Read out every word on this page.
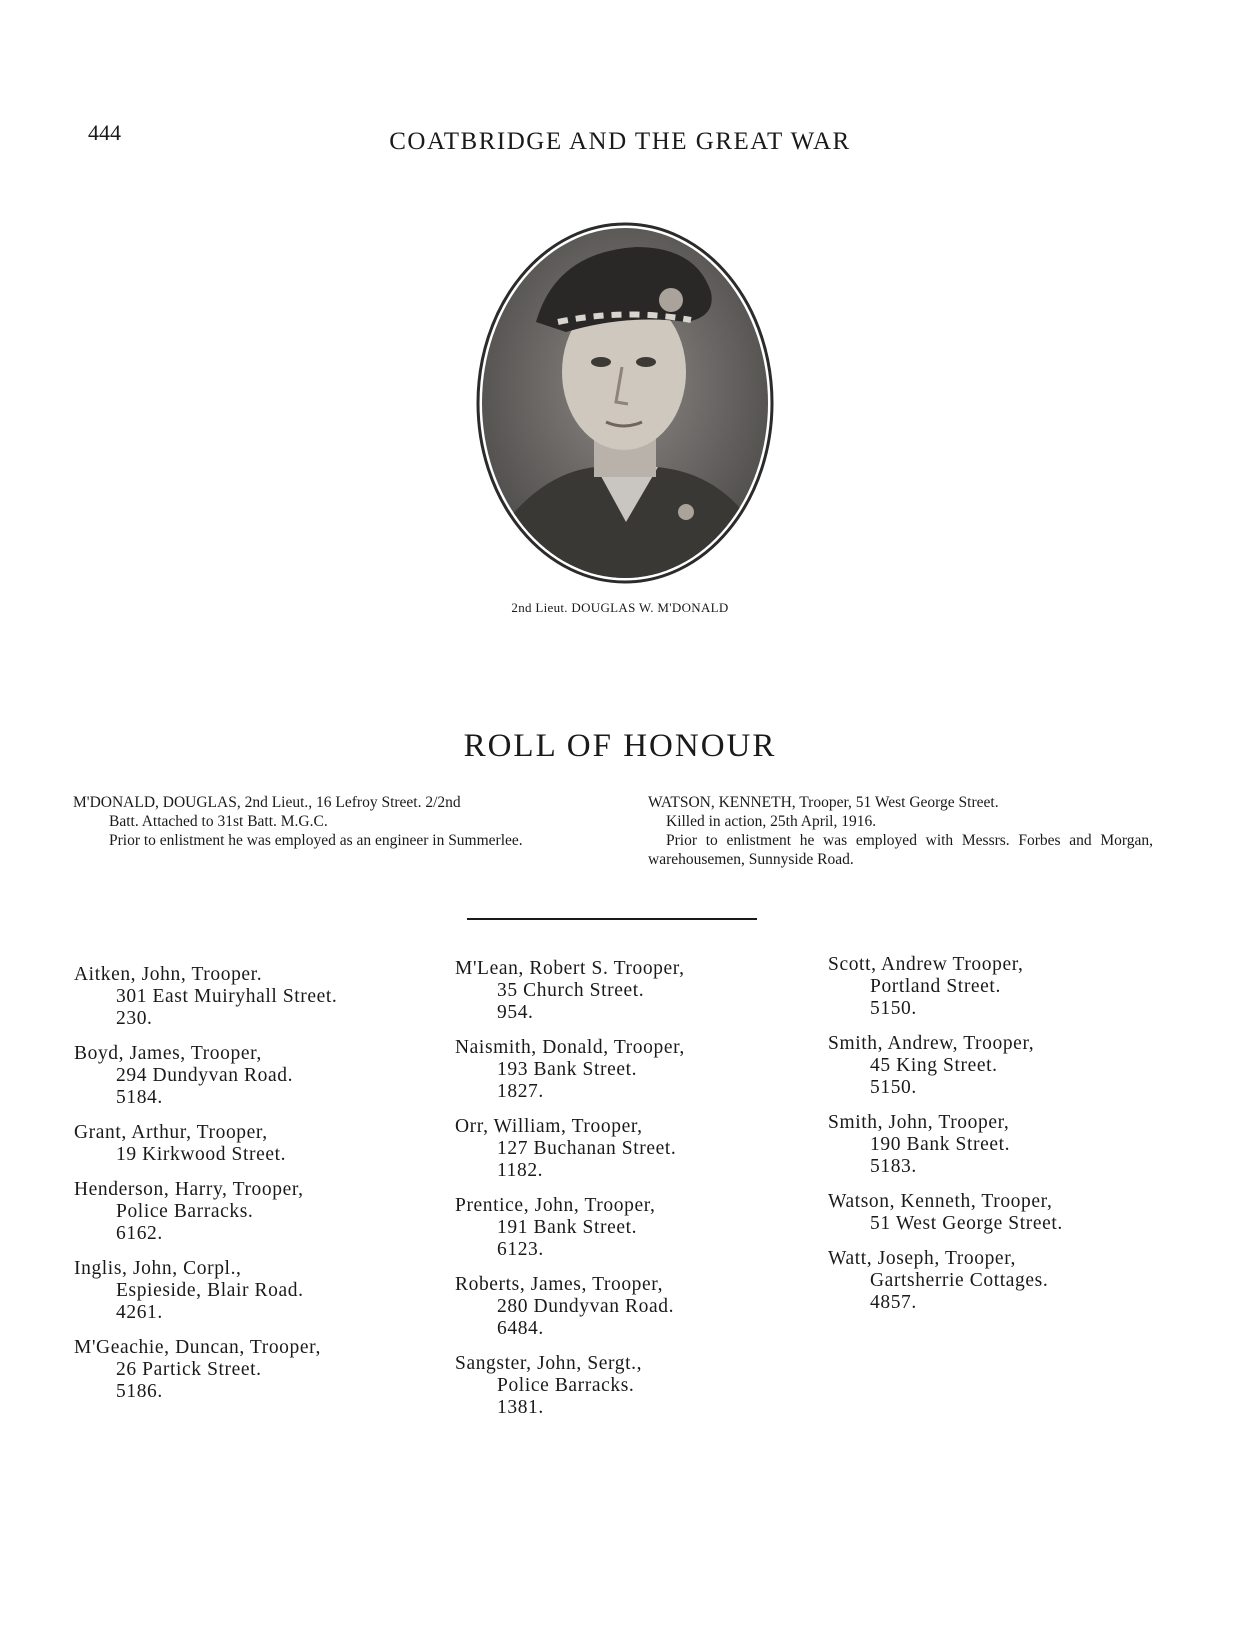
444	COATBRIDGE AND THE GREAT WAR
2nd Lieut. DOUGLAS W. M'DONALD
ROLL OF HONOUR

M'DONALD, DOUGLAS, 2nd Lieut., 16 Lefroy Street. 2/2nd

Batt. Attached to 31st Batt. M.G.C.

Prior to enlistment he was employed as an engineer in Summerlee.

WATSON, KENNETH, Trooper, 51 West George Street.

Killed in action, 25th April, 1916.

Prior to enlistment he was employed with Messrs. Forbes and Morgan, warehousemen, Sunnyside Road.

Aitken, John, Trooper.
301 East Muiryhall Street.
230.
Boyd, James, Trooper,
294 Dundyvan Road.
5184.
Grant, Arthur, Trooper,
19 Kirkwood Street.
Henderson, Harry, Trooper,
Police Barracks.
6162.
Inglis, John, Corpl.,
Espieside, Blair Road.
4261.
M'Geachie, Duncan, Trooper,
26 Partick Street.
5186.
M'Lean, Robert S. Trooper,
35 Church Street.
954.
Naismith, Donald, Trooper,
193 Bank Street.
1827.
Orr, William, Trooper,
127 Buchanan Street.
1182.
Prentice, John, Trooper,
191 Bank Street.
6123.
Roberts, James, Trooper,
280 Dundyvan Road.
6484.
Sangster, John, Sergt.,
Police Barracks.
1381.
Scott, Andrew Trooper,
Portland Street.
5150.
Smith, Andrew, Trooper,
45 King Street.
5150.
Smith, John, Trooper,
190 Bank Street.
5183.
Watson, Kenneth, Trooper,
51 West George Street.
Watt, Joseph, Trooper,
Gartsherrie Cottages.
4857.
